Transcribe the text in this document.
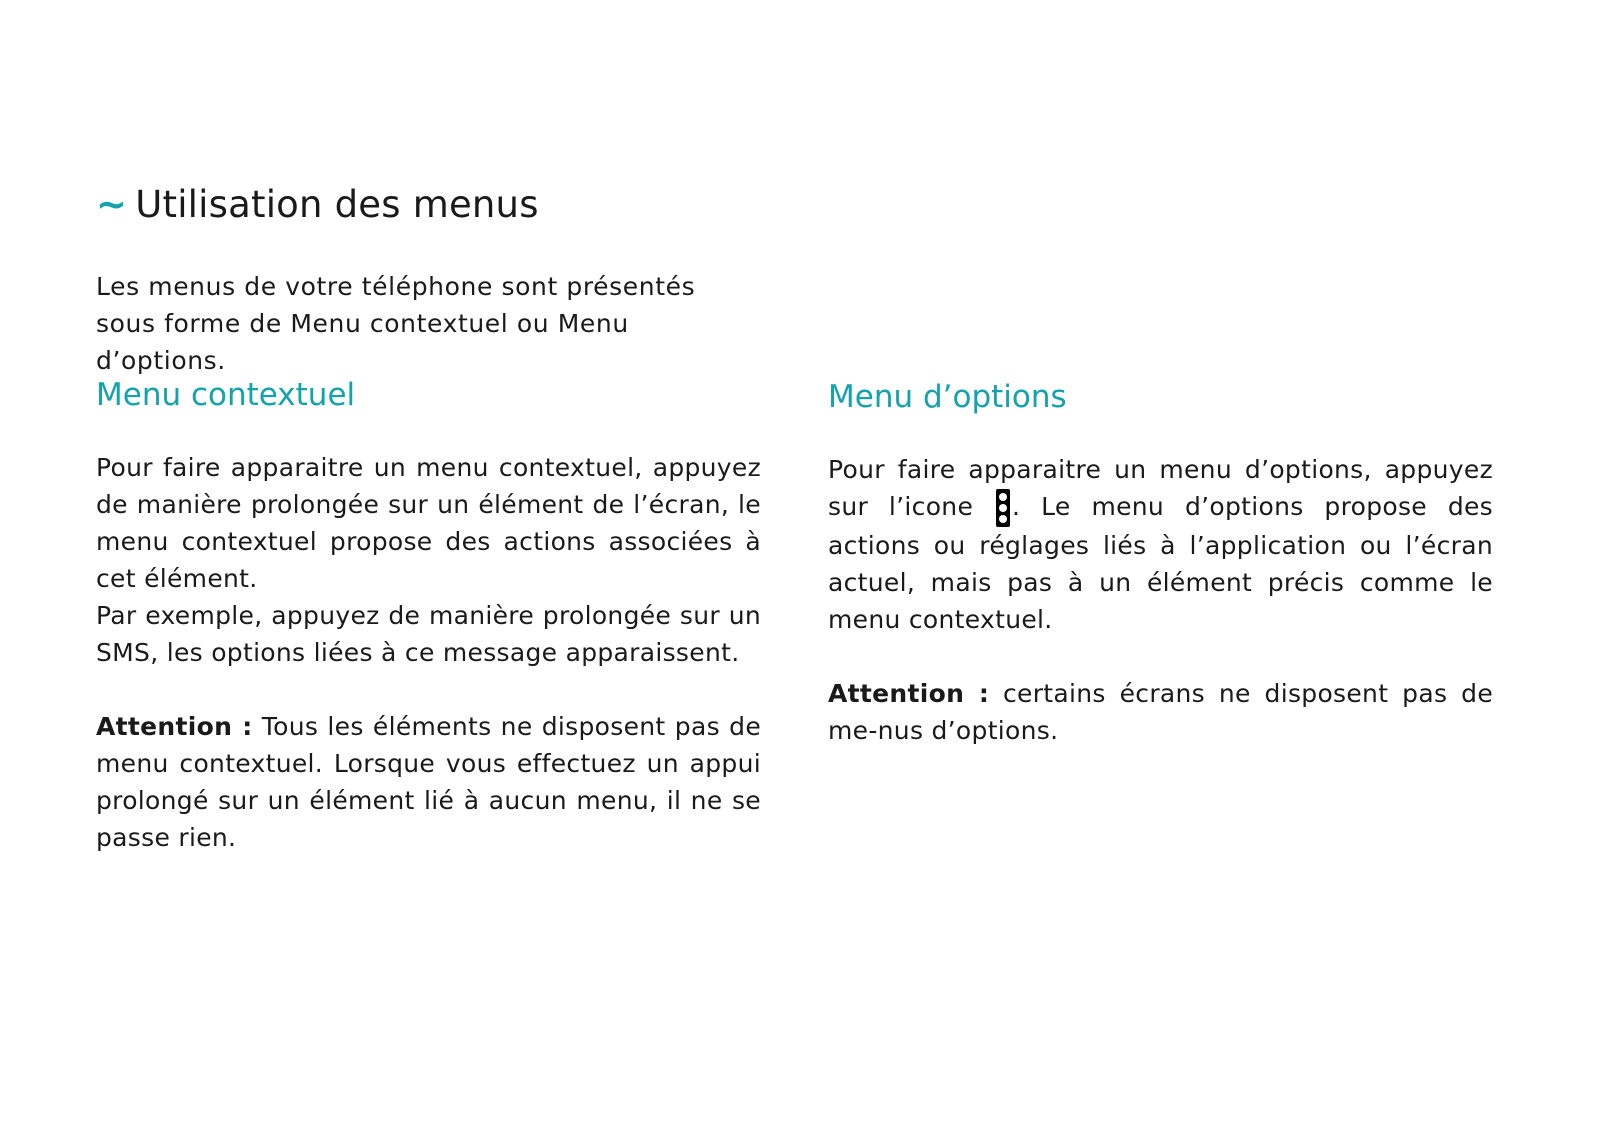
~ Utilisation des menus

Les menus de votre téléphone sont présentés sous forme de Menu contextuel ou Menu d’options.

Menu contextuel

Pour faire apparaitre un menu contextuel, appuyez de manière prolongée sur un élément de l’écran, le menu contextuel propose des actions associées à cet élément.

Par exemple, appuyez de manière prolongée sur un SMS, les options liées à ce message apparaissent.

Attention : Tous les éléments ne disposent pas de menu contextuel. Lorsque vous effectuez un appui prolongé sur un élément lié à aucun menu, il ne se passe rien.

Menu d’options

Pour faire apparaitre un menu d’options, appuyez sur l’icone
. Le menu d’options propose des actions ou réglages liés à l’application ou l’écran actuel, mais pas à un élément précis comme le menu contextuel.

Attention : certains écrans ne disposent pas de me-nus d’options.
